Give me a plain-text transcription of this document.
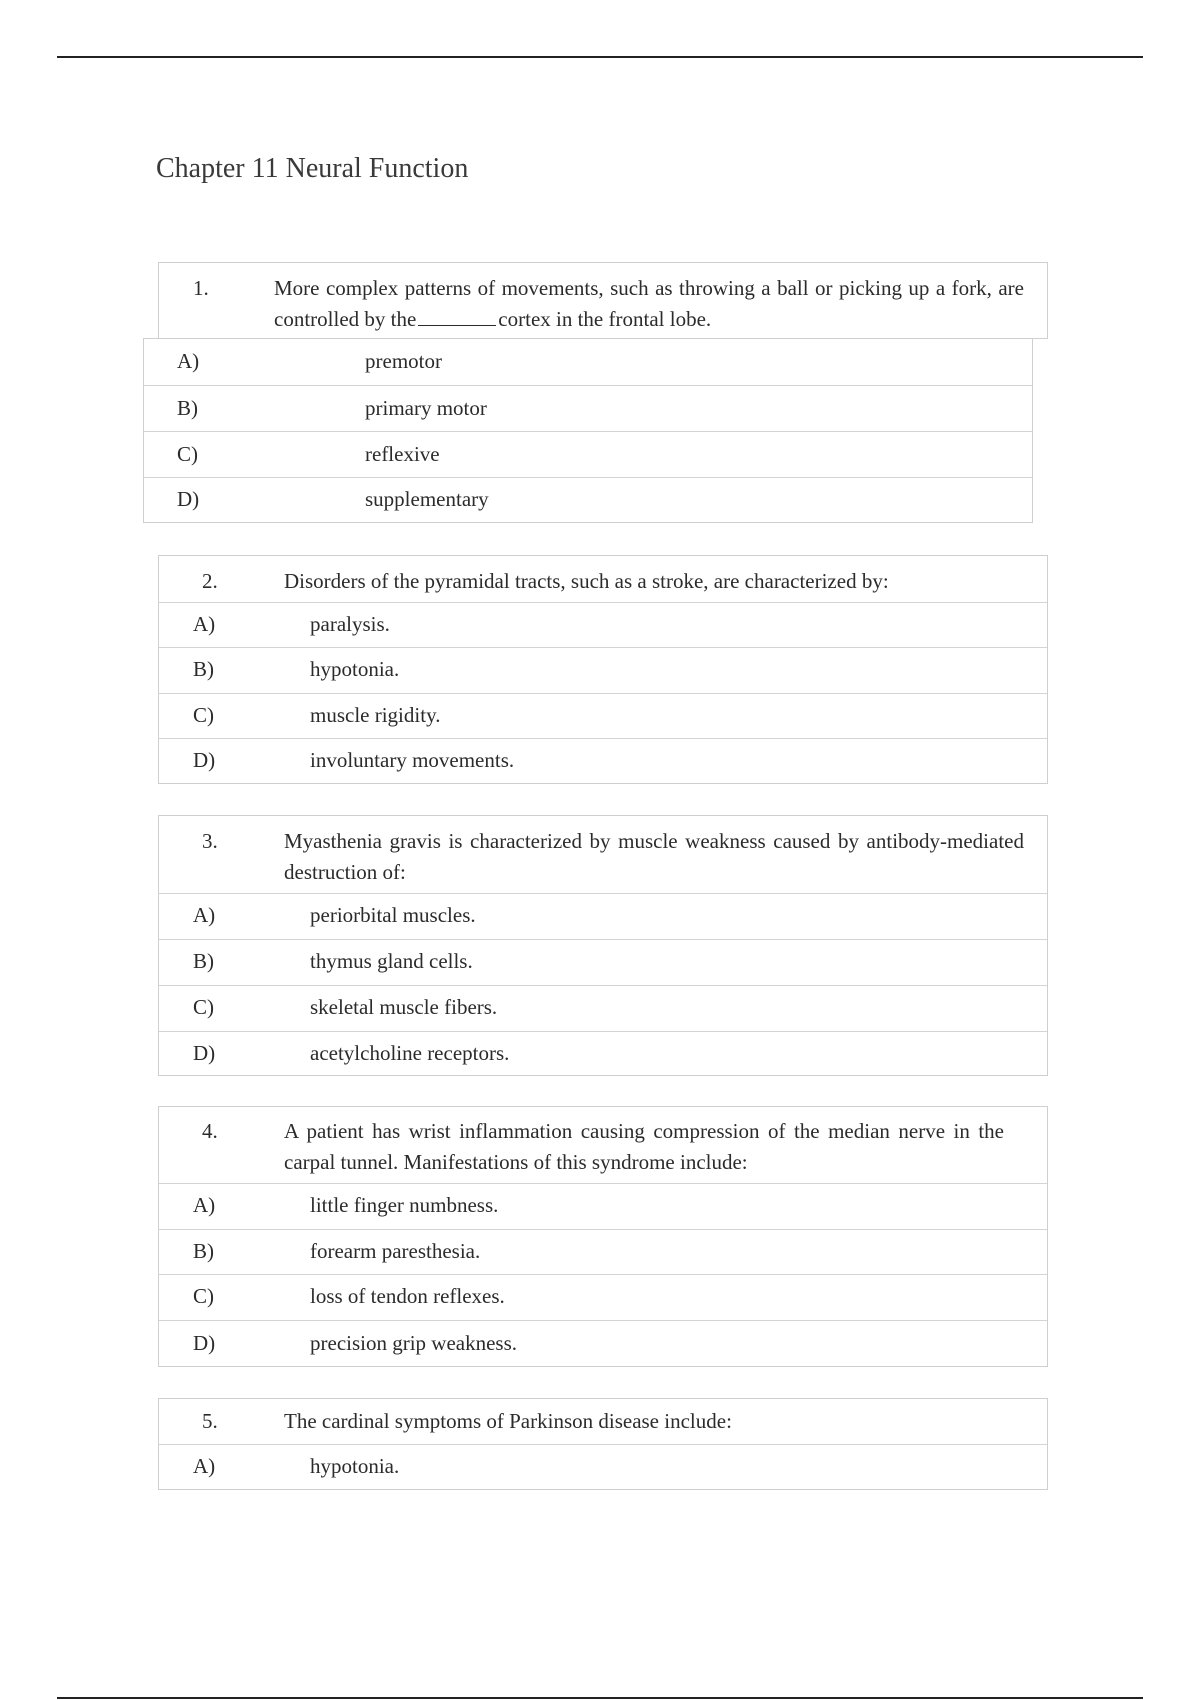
Chapter 11 Neural Function
1.	More complex patterns of movements, such as throwing a ball or picking up a fork, are controlled by the	cortex in the frontal lobe.
A)	premotor
B)	primary motor
C)	reflexive
D)	supplementary
2.	Disorders of the pyramidal tracts, such as a stroke, are characterized by:
A)	paralysis.
B)	hypotonia.
C)	muscle rigidity.
D)	involuntary movements.
3.	Myasthenia gravis is characterized by muscle weakness caused by antibody-mediated destruction of:
A)	periorbital muscles.
B)	thymus gland cells.
C)	skeletal muscle fibers.
D)	acetylcholine receptors.
4.	A patient has wrist inflammation causing compression of the median nerve in the carpal tunnel. Manifestations of this syndrome include:
A)	little finger numbness.
B)	forearm paresthesia.
C)	loss of tendon reflexes.
D)	precision grip weakness.
5.	The cardinal symptoms of Parkinson disease include:
A)	hypotonia.
